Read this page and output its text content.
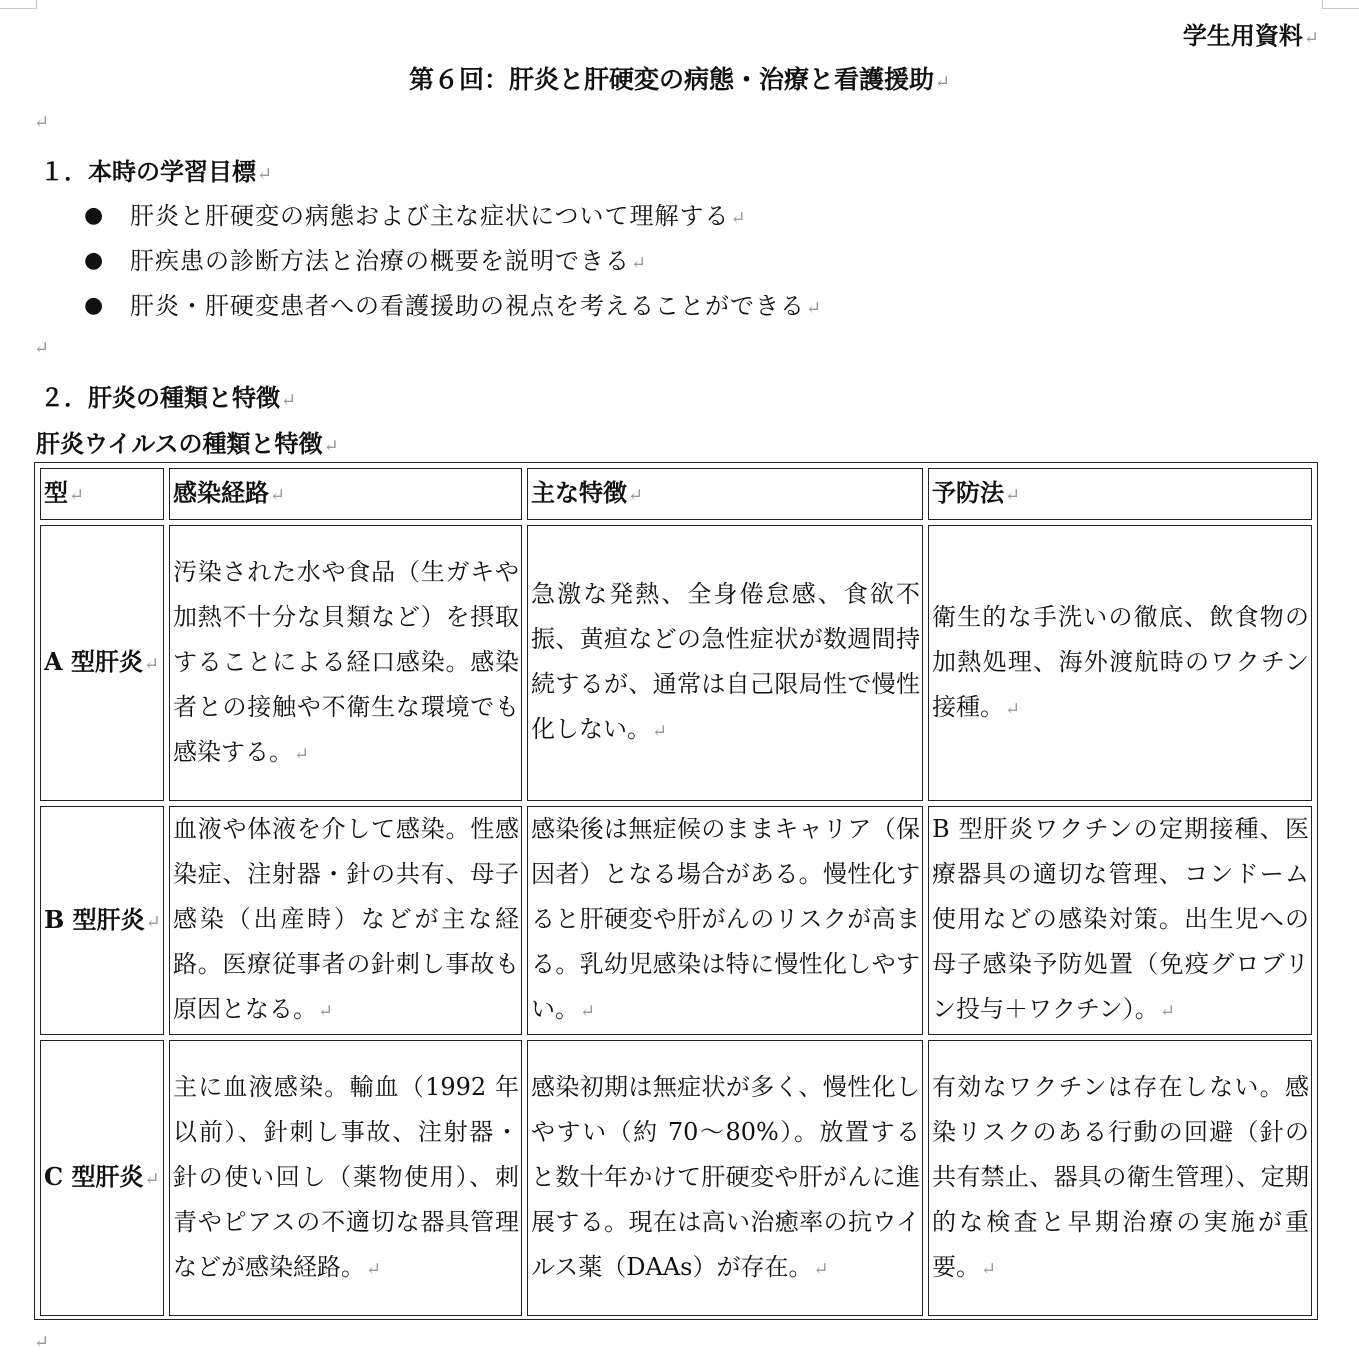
学生用資料↵
第６回：肝炎と肝硬変の病態・治療と看護援助↵
↵
１．本時の学習目標↵
● 肝炎と肝硬変の病態および主な症状について理解する↵
● 肝疾患の診断方法と治療の概要を説明できる↵
● 肝炎・肝硬変患者への看護援助の視点を考えることができる↵
↵
２．肝炎の種類と特徴↵
肝炎ウイルスの種類と特徴↵
型↵	感染経路↵	主な特徴↵	予防法↵
A 型肝炎↵	汚染された水や食品（生ガキや加熱不十分な貝類など）を摂取することによる経口感染。感染者との接触や不衛生な環境でも感染する。↵	急激な発熱、全身倦怠感、食欲不振、黄疸などの急性症状が数週間持続するが、通常は自己限局性で慢性化しない。↵	衛生的な手洗いの徹底、飲食物の加熱処理、海外渡航時のワクチン接種。↵
B 型肝炎↵	血液や体液を介して感染。性感染症、注射器・針の共有、母子感染（出産時）などが主な経路。医療従事者の針刺し事故も原因となる。↵	感染後は無症候のままキャリア（保因者）となる場合がある。慢性化すると肝硬変や肝がんのリスクが高まる。乳幼児感染は特に慢性化しやすい。↵	B 型肝炎ワクチンの定期接種、医療器具の適切な管理、コンドーム使用などの感染対策。出生児への母子感染予防処置（免疫グロブリン投与＋ワクチン）。↵
C 型肝炎↵	主に血液感染。輸血（1992 年以前）、針刺し事故、注射器・針の使い回し（薬物使用）、刺青やピアスの不適切な器具管理などが感染経路。↵	感染初期は無症状が多く、慢性化しやすい（約 70～80%）。放置すると数十年かけて肝硬変や肝がんに進展する。現在は高い治癒率の抗ウイルス薬（DAAs）が存在。↵	有効なワクチンは存在しない。感染リスクのある行動の回避（針の共有禁止、器具の衛生管理）、定期的な検査と早期治療の実施が重要。↵
↵
